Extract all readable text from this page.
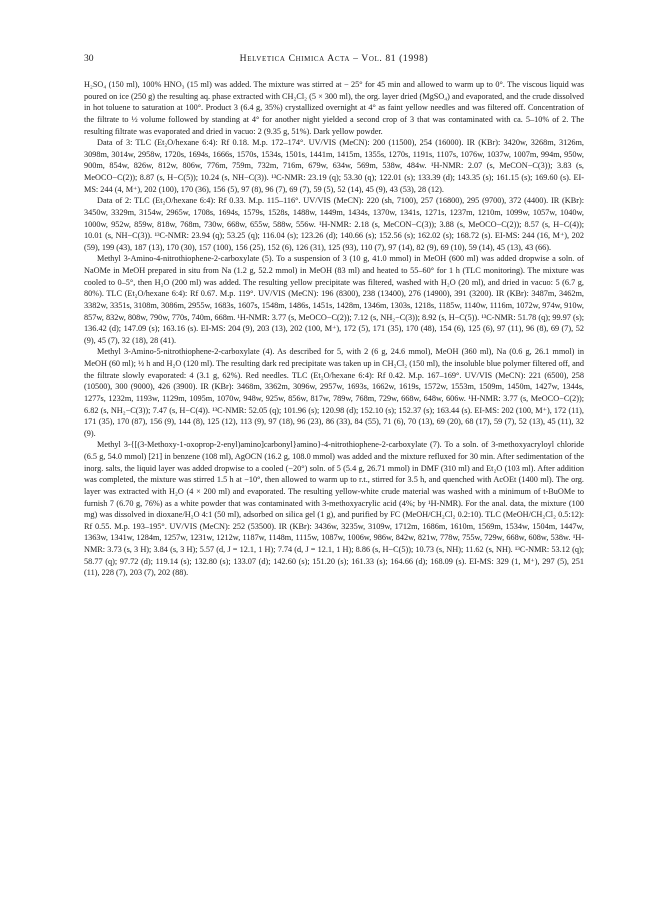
30	Helvetica Chimica Acta – Vol. 81 (1998)

H₂SO₄ (150 ml), 100% HNO₃ (15 ml) was added. The mixture was stirred at − 25° for 45 min and allowed to warm up to 0°. The viscous liquid was poured on ice (250 g) the resulting aq. phase extracted with CH₂Cl₂ (5 × 300 ml), the org. layer dried (MgSO₄) and evaporated, and the crude dissolved in hot toluene to saturation at 100°. Product 3 (6.4 g, 35%) crystallized overnight at 4° as faint yellow needles and was filtered off. Concentration of the filtrate to ½ volume followed by standing at 4° for another night yielded a second crop of 3 that was contaminated with ca. 5–10% of 2. The resulting filtrate was evaporated and dried in vacuo: 2 (9.35 g, 51%). Dark yellow powder.

Data of 3: TLC (Et₂O/hexane 6:4): Rf 0.18. M.p. 172–174°. UV/VIS (MeCN): 200 (11500), 254 (16000). IR (KBr): 3420w, 3268m, 3126m, 3098m, 3014w, 2958w, 1720s, 1694s, 1666s, 1570s, 1534s, 1501s, 1441m, 1415m, 1355s, 1270s, 1191s, 1107s, 1076w, 1037w, 1007m, 994m, 950w, 900m, 854w, 826w, 812w, 806w, 776m, 759m, 732m, 716m, 679w, 634w, 569m, 538w, 484w. ¹H-NMR: 2.07 (s, MeCON−C(3)); 3.83 (s, MeOCO−C(2)); 8.87 (s, H−C(5)); 10.24 (s, NH−C(3)). ¹³C-NMR: 23.19 (q); 53.30 (q); 122.01 (s); 133.39 (d); 143.35 (s); 161.15 (s); 169.60 (s). EI-MS: 244 (4, M⁺), 202 (100), 170 (36), 156 (5), 97 (8), 96 (7), 69 (7), 59 (5), 52 (14), 45 (9), 43 (53), 28 (12).

Data of 2: TLC (Et₂O/hexane 6:4): Rf 0.33. M.p. 115–116°. UV/VIS (MeCN): 220 (sh, 7100), 257 (16800), 295 (9700), 372 (4400). IR (KBr): 3450w, 3329m, 3154w, 2965w, 1708s, 1694s, 1579s, 1528s, 1488w, 1449m, 1434s, 1370w, 1341s, 1271s, 1237m, 1210m, 1099w, 1057w, 1040w, 1000w, 952w, 859w, 818w, 768m, 730w, 668w, 655w, 588w, 556w. ¹H-NMR: 2.18 (s, MeCON−C(3)); 3.88 (s, MeOCO−C(2)); 8.57 (s, H−C(4)); 10.01 (s, NH−C(3)). ¹³C-NMR: 23.94 (q); 53.25 (q); 116.04 (s); 123.26 (d); 140.66 (s); 152.56 (s); 162.02 (s); 168.72 (s). EI-MS: 244 (16, M⁺), 202 (59), 199 (43), 187 (13), 170 (30), 157 (100), 156 (25), 152 (6), 126 (31), 125 (93), 110 (7), 97 (14), 82 (9), 69 (10), 59 (14), 45 (13), 43 (66).

Methyl 3-Amino-4-nitrothiophene-2-carboxylate (5). To a suspension of 3 (10 g, 41.0 mmol) in MeOH (600 ml) was added dropwise a soln. of NaOMe in MeOH prepared in situ from Na (1.2 g, 52.2 mmol) in MeOH (83 ml) and heated to 55–60° for 1 h (TLC monitoring). The mixture was cooled to 0–5°, then H₂O (200 ml) was added. The resulting yellow precipitate was filtered, washed with H₂O (20 ml), and dried in vacuo: 5 (6.7 g, 80%). TLC (Et₂O/hexane 6:4): Rf 0.67. M.p. 119°. UV/VIS (MeCN): 196 (8300), 238 (13400), 276 (14900), 391 (3200). IR (KBr): 3487m, 3462m, 3382w, 3351s, 3108m, 3086m, 2955w, 1683s, 1607s, 1548m, 1486s, 1451s, 1428m, 1346m, 1303s, 1218s, 1185w, 1140w, 1116m, 1072w, 974w, 910w, 857w, 832w, 808w, 790w, 770s, 740m, 668m. ¹H-NMR: 3.77 (s, MeOCO−C(2)); 7.12 (s, NH₂−C(3)); 8.92 (s, H−C(5)). ¹³C-NMR: 51.78 (q); 99.97 (s); 136.42 (d); 147.09 (s); 163.16 (s). EI-MS: 204 (9), 203 (13), 202 (100, M⁺), 172 (5), 171 (35), 170 (48), 154 (6), 125 (6), 97 (11), 96 (8), 69 (7), 52 (9), 45 (7), 32 (18), 28 (41).

Methyl 3-Amino-5-nitrothiophene-2-carboxylate (4). As described for 5, with 2 (6 g, 24.6 mmol), MeOH (360 ml), Na (0.6 g, 26.1 mmol) in MeOH (60 ml); ½ h and H₂O (120 ml). The resulting dark red precipitate was taken up in CH₂Cl₂ (150 ml), the insoluble blue polymer filtered off, and the filtrate slowly evaporated: 4 (3.1 g, 62%). Red needles. TLC (Et₂O/hexane 6:4): Rf 0.42. M.p. 167–169°. UV/VIS (MeCN): 221 (6500), 258 (10500), 300 (9000), 426 (3900). IR (KBr): 3468m, 3362m, 3096w, 2957w, 1693s, 1662w, 1619s, 1572w, 1553m, 1509m, 1450m, 1427w, 1344s, 1277s, 1232m, 1193w, 1129m, 1095m, 1070w, 948w, 925w, 856w, 817w, 789w, 768m, 729w, 668w, 648w, 606w. ¹H-NMR: 3.77 (s, MeOCO−C(2)); 6.82 (s, NH₂−C(3)); 7.47 (s, H−C(4)). ¹³C-NMR: 52.05 (q); 101.96 (s); 120.98 (d); 152.10 (s); 152.37 (s); 163.44 (s). EI-MS: 202 (100, M⁺), 172 (11), 171 (35), 170 (87), 156 (9), 144 (8), 125 (12), 113 (9), 97 (18), 96 (23), 86 (33), 84 (55), 71 (6), 70 (13), 69 (20), 68 (17), 59 (7), 52 (13), 45 (11), 32 (9).

Methyl 3-{[(3-Methoxy-1-oxoprop-2-enyl)amino]carbonyl}amino}-4-nitrothiophene-2-carboxylate (7). To a soln. of 3-methoxyacryloyl chloride (6.5 g, 54.0 mmol) [21] in benzene (108 ml), AgOCN (16.2 g, 108.0 mmol) was added and the mixture refluxed for 30 min. After sedimentation of the inorg. salts, the liquid layer was added dropwise to a cooled (−20°) soln. of 5 (5.4 g, 26.71 mmol) in DMF (310 ml) and Et₂O (103 ml). After addition was completed, the mixture was stirred 1.5 h at −10°, then allowed to warm up to r.t., stirred for 3.5 h, and quenched with AcOEt (1400 ml). The org. layer was extracted with H₂O (4 × 200 ml) and evaporated. The resulting yellow-white crude material was washed with a minimum of t-BuOMe to furnish 7 (6.70 g, 76%) as a white powder that was contaminated with 3-methoxyacrylic acid (4%; by ¹H-NMR). For the anal. data, the mixture (100 mg) was dissolved in dioxane/H₂O 4:1 (50 ml), adsorbed on silica gel (1 g), and purified by FC (MeOH/CH₂Cl₂ 0.2:10). TLC (MeOH/CH₂Cl₂ 0.5:12): Rf 0.55. M.p. 193–195°. UV/VIS (MeCN): 252 (53500). IR (KBr): 3436w, 3235w, 3109w, 1712m, 1686m, 1610m, 1569m, 1534w, 1504m, 1447w, 1363w, 1341w, 1284m, 1257w, 1231w, 1212w, 1187w, 1148m, 1115w, 1087w, 1006w, 986w, 842w, 821w, 778w, 755w, 729w, 668w, 608w, 538w. ¹H-NMR: 3.73 (s, 3 H); 3.84 (s, 3 H); 5.57 (d, J = 12.1, 1 H); 7.74 (d, J = 12.1, 1 H); 8.86 (s, H−C(5)); 10.73 (s, NH); 11.62 (s, NH). ¹³C-NMR: 53.12 (q); 58.77 (q); 97.72 (d); 119.14 (s); 132.80 (s); 133.07 (d); 142.60 (s); 151.20 (s); 161.33 (s); 164.66 (d); 168.09 (s). EI-MS: 329 (1, M⁺), 297 (5), 251 (11), 228 (7), 203 (7), 202 (88).
